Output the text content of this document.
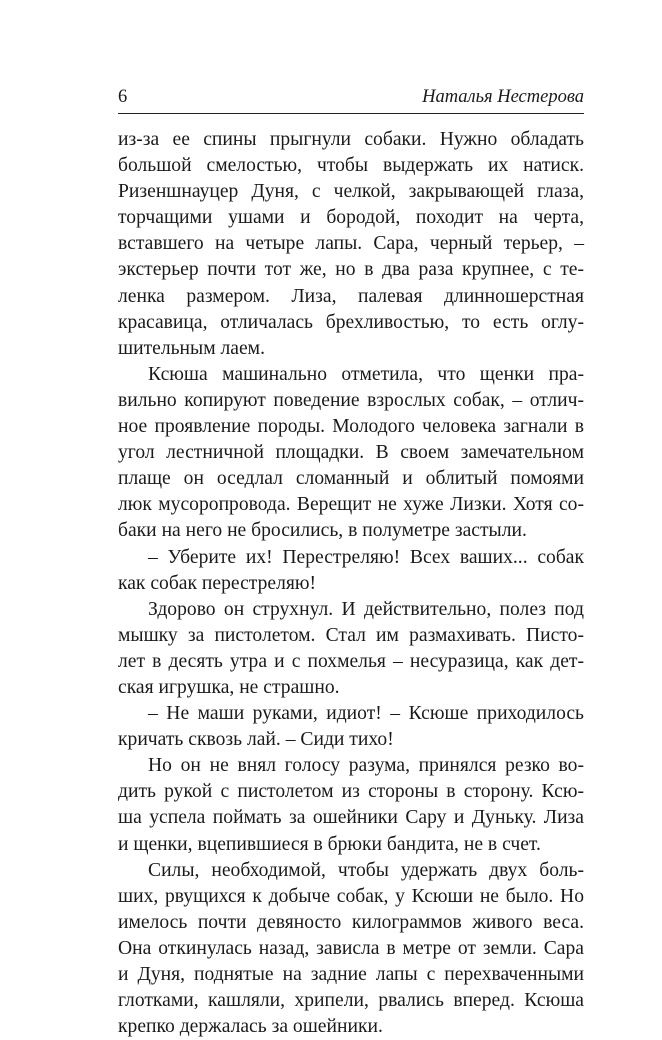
6	Наталья Нестерова
из-за ее спины прыгнули собаки. Нужно обладать
большой смелостью, чтобы выдержать их натиск.
Ризеншнауцер Дуня, с челкой, закрывающей глаза,
торчащими ушами и бородой, походит на черта,
вставшего на четыре лапы. Сара, черный терьер, –
экстерьер почти тот же, но в два раза крупнее, с те-
ленка размером. Лиза, палевая длинношерстная
красавица, отличалась брехливостью, то есть оглу-
шительным лаем.
Ксюша машинально отметила, что щенки пра-
вильно копируют поведение взрослых собак, – отлич-
ное проявление породы. Молодого человека загнали в
угол лестничной площадки. В своем замечательном
плаще он оседлал сломанный и облитый помоями
люк мусоропровода. Верещит не хуже Лизки. Хотя со-
баки на него не бросились, в полуметре застыли.
– Уберите их! Перестреляю! Всех ваших... собак
как собак перестреляю!
Здорово он струхнул. И действительно, полез под
мышку за пистолетом. Стал им размахивать. Писто-
лет в десять утра и с похмелья – несуразица, как дет-
ская игрушка, не страшно.
– Не маши руками, идиот! – Ксюше приходилось
кричать сквозь лай. – Сиди тихо!
Но он не внял голосу разума, принялся резко во-
дить рукой с пистолетом из стороны в сторону. Ксю-
ша успела поймать за ошейники Сару и Дуньку. Лиза
и щенки, вцепившиеся в брюки бандита, не в счет.
Силы, необходимой, чтобы удержать двух боль-
ших, рвущихся к добыче собак, у Ксюши не было. Но
имелось почти девяносто килограммов живого веса.
Она откинулась назад, зависла в метре от земли. Сара
и Дуня, поднятые на задние лапы с перехваченными
глотками, кашляли, хрипели, рвались вперед. Ксюша
крепко держалась за ошейники.
